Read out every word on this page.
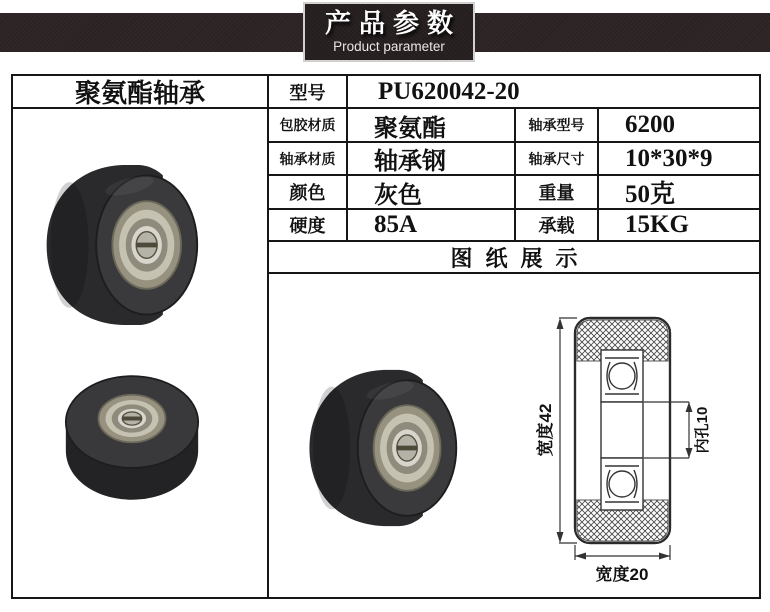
产品参数
Product parameter
聚氨酯轴承	型号	PU620042-20
包胶材质	聚氨酯	轴承型号	6200
轴承材质	轴承钢	轴承尺寸	10*30*9
颜色	灰色	重量	50克
硬度	85A	承载	15KG
图纸展示
宽度42	内孔10
宽度20
